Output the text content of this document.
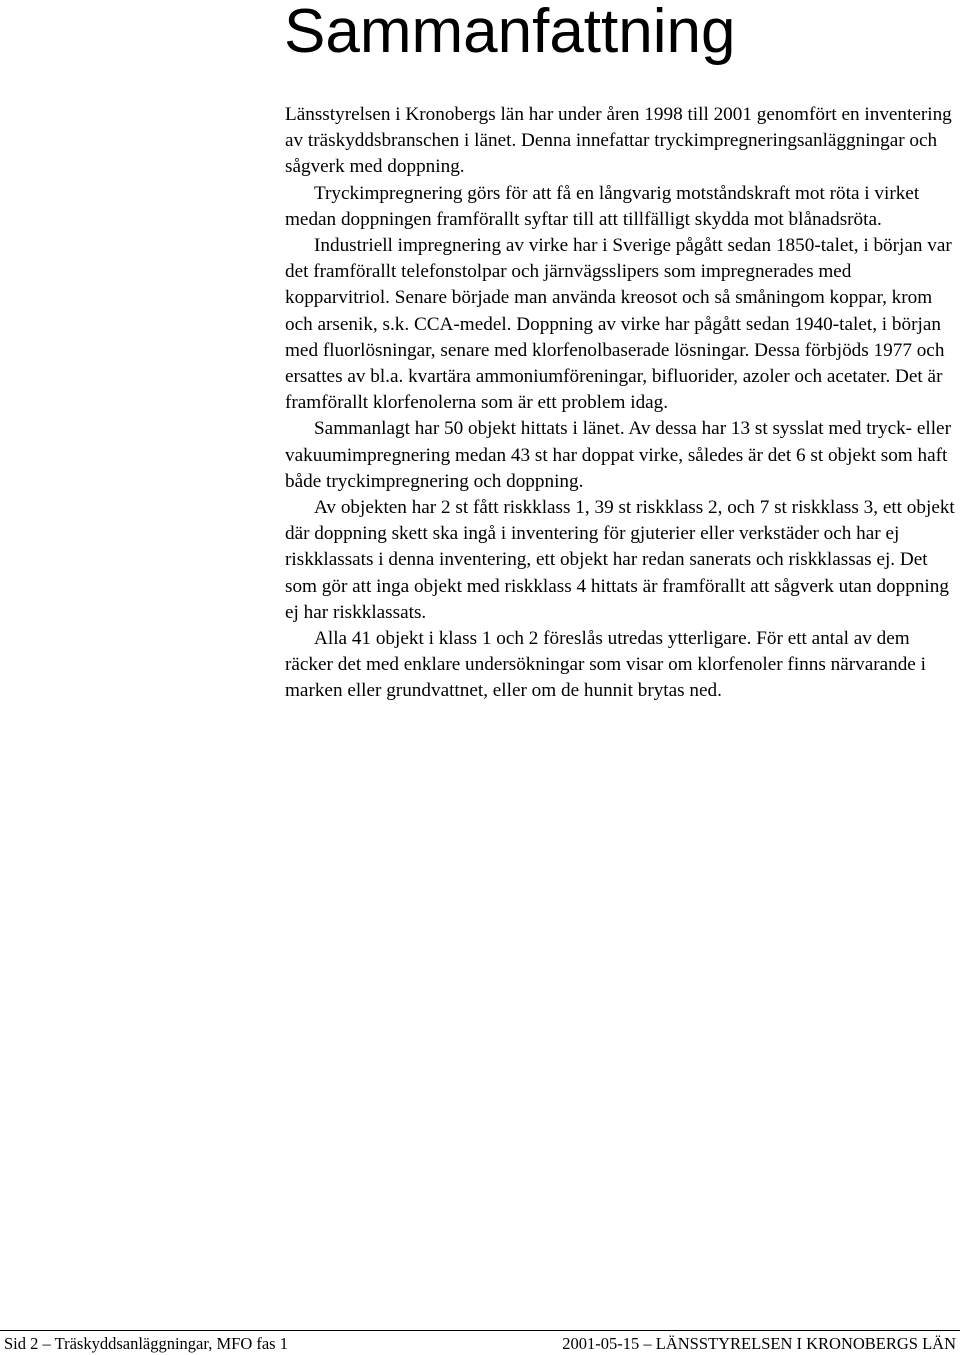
Sammanfattning

Länsstyrelsen i Kronobergs län har under åren 1998 till 2001 genomfört en inventering av träskyddsbranschen i länet. Denna innefattar tryckimpregneringsanläggningar och sågverk med doppning.

Tryckimpregnering görs för att få en långvarig motståndskraft mot röta i virket medan doppningen framförallt syftar till att tillfälligt skydda mot blånadsröta.

Industriell impregnering av virke har i Sverige pågått sedan 1850-talet, i början var det framförallt telefonstolpar och järnvägsslipers som impregnerades med kopparvitriol. Senare började man använda kreosot och så småningom koppar, krom och arsenik, s.k. CCA-medel. Doppning av virke har pågått sedan 1940-talet, i början med fluorlösningar, senare med klorfenolbaserade lösningar. Dessa förbjöds 1977 och ersattes av bl.a. kvartära ammoniumföreningar, bifluorider, azoler och acetater. Det är framförallt klorfenolerna som är ett problem idag.

Sammanlagt har 50 objekt hittats i länet. Av dessa har 13 st sysslat med tryck- eller vakuumimpregnering medan 43 st har doppat virke, således är det 6 st objekt som haft både tryckimpregnering och doppning.

Av objekten har 2 st fått riskklass 1, 39 st riskklass 2, och 7 st riskklass 3, ett objekt där doppning skett ska ingå i inventering för gjuterier eller verkstäder och har ej riskklassats i denna inventering, ett objekt har redan sanerats och riskklassas ej. Det som gör att inga objekt med riskklass 4 hittats är framförallt att sågverk utan doppning ej har riskklassats.

Alla 41 objekt i klass 1 och 2 föreslås utredas ytterligare. För ett antal av dem räcker det med enklare undersökningar som visar om klorfenoler finns närvarande i marken eller grundvattnet, eller om de hunnit brytas ned.

Sid 2 – Träskyddsanläggningar, MFO fas 1	2001-05-15 – LÄNSSTYRELSEN I KRONOBERGS LÄN
